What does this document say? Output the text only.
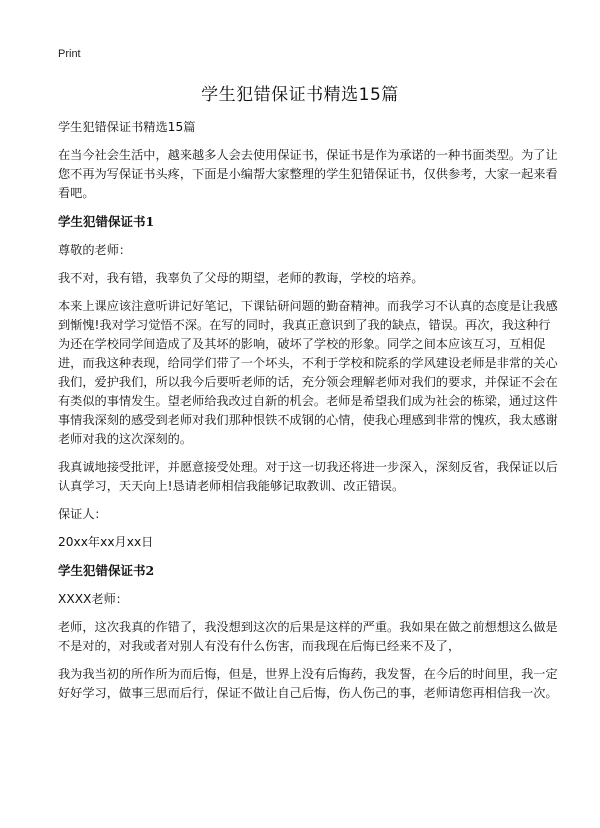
Print
学生犯错保证书精选15篇

学生犯错保证书精选15篇

在当今社会生活中，越来越多人会去使用保证书，保证书是作为承诺的一种书面类型。为了让您不再为写保证书头疼，下面是小编帮大家整理的学生犯错保证书，仅供参考，大家一起来看看吧。

学生犯错保证书1

尊敬的老师：

我不对，我有错，我辜负了父母的期望，老师的教诲，学校的培养。

本来上课应该注意听讲记好笔记，下课钻研问题的勤奋精神。而我学习不认真的态度是让我感到惭愧!我对学习觉悟不深。在写的同时，我真正意识到了我的缺点，错误。再次，我这种行为还在学校同学间造成了及其坏的影响，破坏了学校的形象。同学之间本应该互习，互相促进，而我这种表现，给同学们带了一个坏头，不利于学校和院系的学风建设老师是非常的关心我们，爱护我们，所以我今后要听老师的话，充分领会理解老师对我们的要求，并保证不会在有类似的事情发生。望老师给我改过自新的机会。老师是希望我们成为社会的栋梁，通过这件事情我深刻的感受到老师对我们那种恨铁不成钢的心情，使我心理感到非常的愧疚，我太感谢老师对我的这次深刻的。

我真诚地接受批评，并愿意接受处理。对于这一切我还将进一步深入，深刻反省，我保证以后认真学习，天天向上!恳请老师相信我能够记取教训、改正错误。

保证人：

20xx年xx月xx日

学生犯错保证书2

XXXX老师：

老师，这次我真的作错了，我没想到这次的后果是这样的严重。我如果在做之前想想这么做是不是对的，对我或者对别人有没有什么伤害，而我现在后悔已经来不及了，

我为我当初的所作所为而后悔，但是，世界上没有后悔药，我发誓，在今后的时间里，我一定好好学习，做事三思而后行，保证不做让自己后悔，伤人伤己的事，老师请您再相信我一次。
